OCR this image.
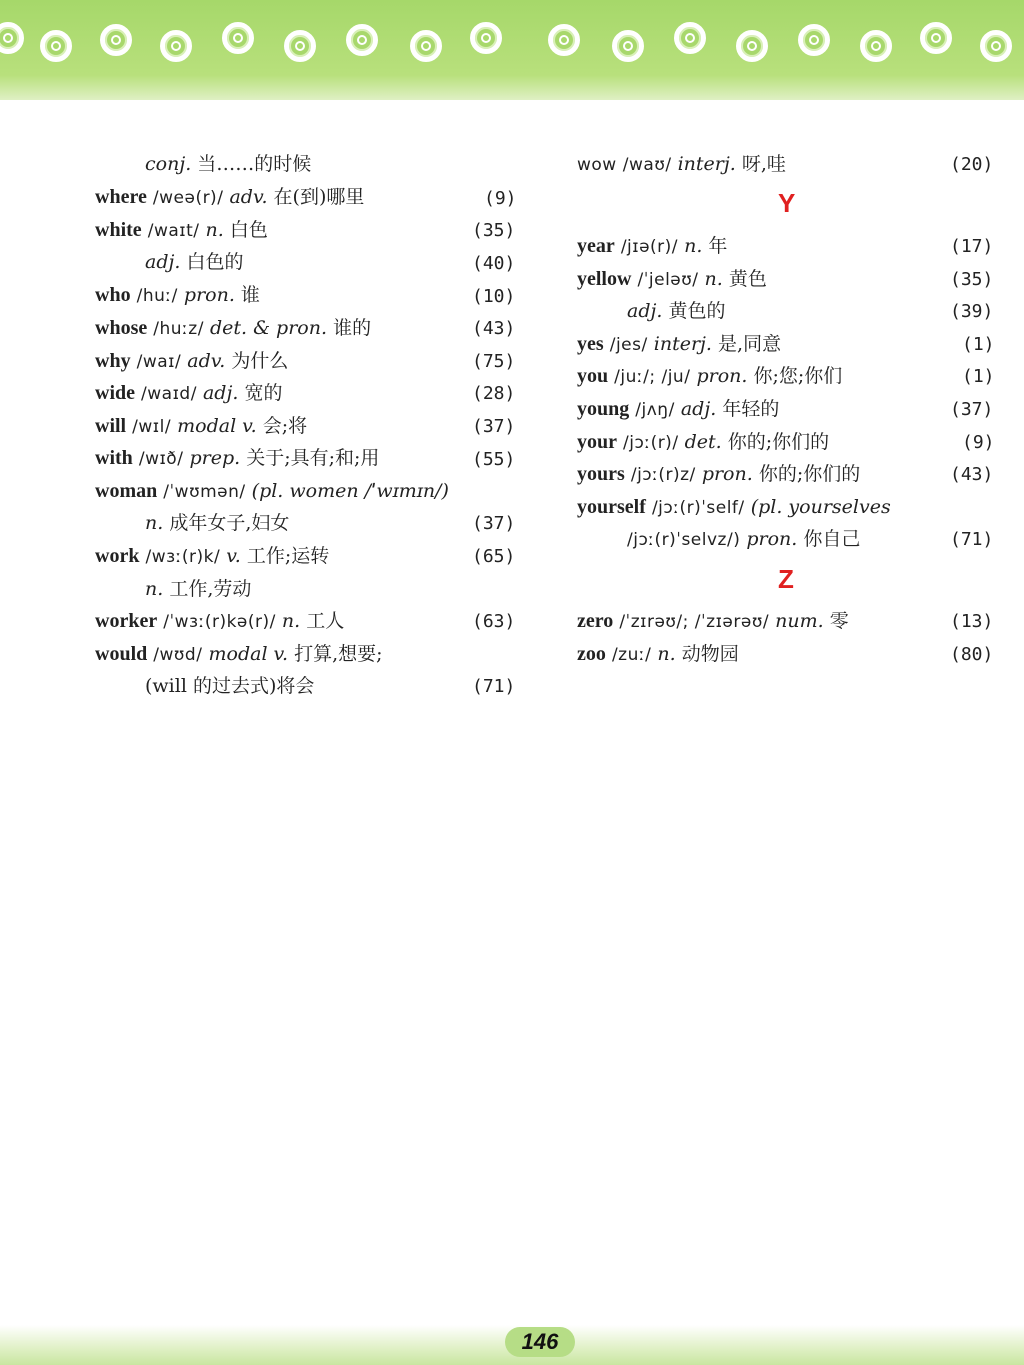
conj. 当……的时候
where /weə(r)/ adv. 在(到)哪里	(9)
white /waɪt/ n. 白色	(35)
adj. 白色的	(40)
who /huː/ pron. 谁	(10)
whose /huːz/ det. & pron. 谁的	(43)
why /waɪ/ adv. 为什么	(75)
wide /waɪd/ adj. 宽的	(28)
will /wɪl/ modal v. 会;将	(37)
with /wɪð/ prep. 关于;具有;和;用	(55)
woman /ˈwʊmən/ (pl. women /ˈwɪmɪn/)
n. 成年女子,妇女	(37)
work /wɜː(r)k/ v. 工作;运转	(65)
n. 工作,劳动
worker /ˈwɜː(r)kə(r)/ n. 工人	(63)
would /wʊd/ modal v. 打算,想要;
(will 的过去式)将会	(71)
wow /waʊ/ interj. 呀,哇	(20)
Y
year /jɪə(r)/ n. 年	(17)
yellow /ˈjeləʊ/ n. 黄色	(35)
adj. 黄色的	(39)
yes /jes/ interj. 是,同意	(1)
you /juː/; /ju/ pron. 你;您;你们	(1)
young /jʌŋ/ adj. 年轻的	(37)
your /jɔː(r)/ det. 你的;你们的	(9)
yours /jɔː(r)z/ pron. 你的;你们的	(43)
yourself /jɔː(r)ˈself/ (pl. yourselves
/jɔː(r)ˈselvz/) pron. 你自己	(71)
Z
zero /ˈzɪrəʊ/; /ˈzɪərəʊ/ num. 零	(13)
zoo /zuː/ n. 动物园	(80)
146
